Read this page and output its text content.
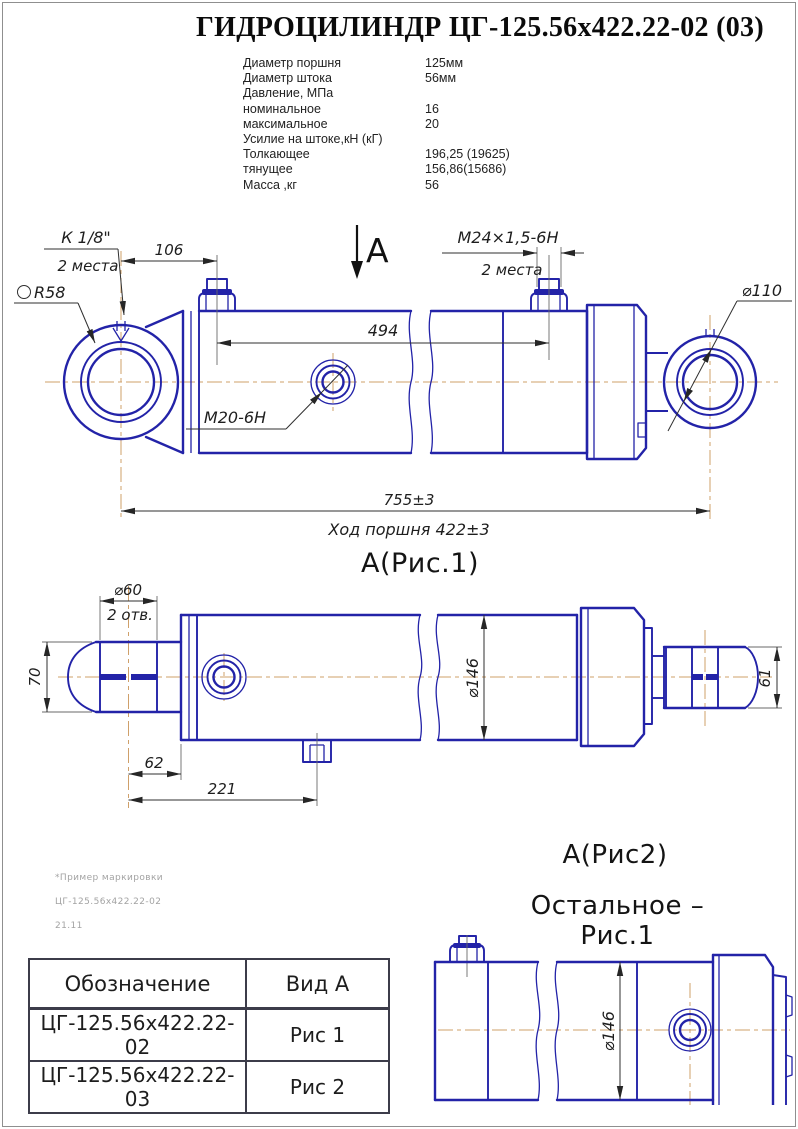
ГИДРОЦИЛИНДР ЦГ-125.56х422.22-02 (03)
Диаметр поршня	125мм
Диаметр штока	56мм
Давление, МПа
номинальное	16
максимальное	20
Усилие на штоке,кН (кГ)
Толкающее	196,25 (19625)
тянущее	156,86(15686)
Масса ,кг	56
К 1/8"
2 места
R58
106	А	М24×1,5-6Н
2 места
494
М20-6Н
⌀110
755±3
Ход поршня 422±3
А(Рис.1)
⌀60
2 отв.
70	⌀146	61
62
221
*Пример маркировки
ЦГ-125.56х422.22-02
21.11
А(Рис2)
Остальное –Рис.1
Обозначение	Вид А
ЦГ-125.56х422.22-02	Рис 1
ЦГ-125.56х422.22-03	Рис 2
⌀146
